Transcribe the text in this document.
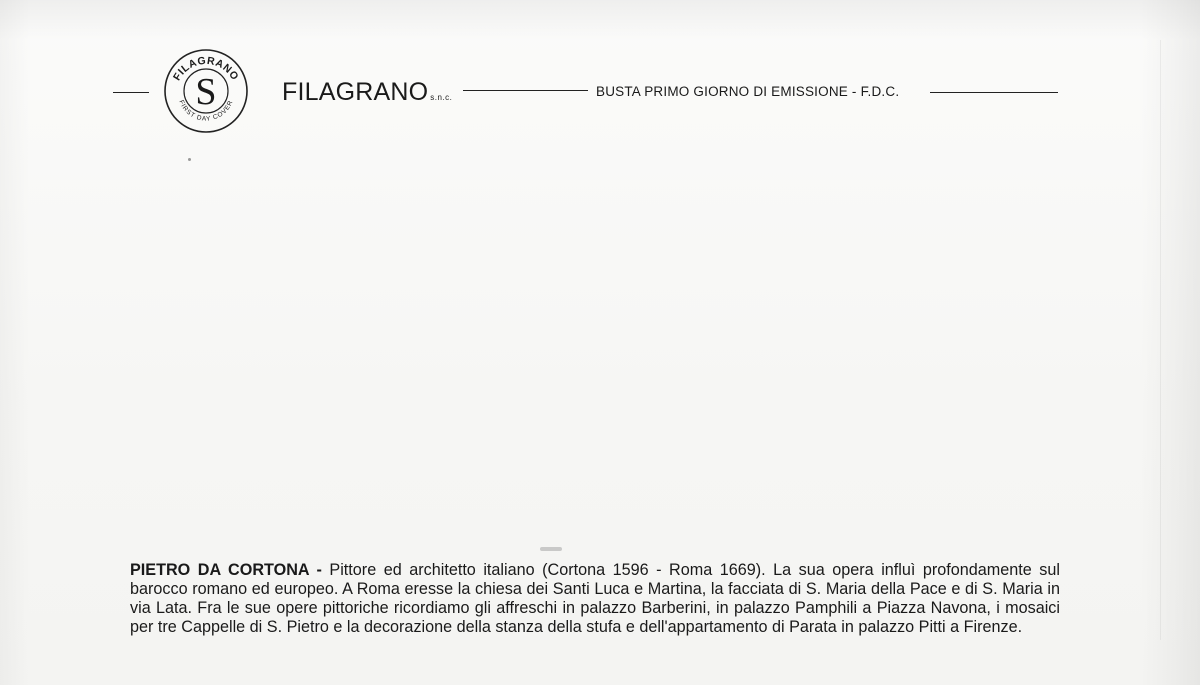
FILAGRANO
S
FIRST DAY COVER FILAGRANO s.n.c.	BUSTA PRIMO GIORNO DI EMISSIONE - F.D.C.
PIETRO DA CORTONA - Pittore ed architetto italiano (Cortona 1596 - Roma 1669). La sua opera influì profondamente sul barocco romano ed europeo. A Roma eresse la chiesa dei Santi Luca e Martina, la facciata di S. Maria della Pace e di S. Maria in via Lata. Fra le sue opere pittoriche ricordiamo gli affreschi in palazzo Barberini, in palazzo Pamphili a Piazza Navona, i mosaici per tre Cappelle di S. Pietro e la decorazione della stanza della stufa e dell'appartamento di Parata in palazzo Pitti a Firenze.
